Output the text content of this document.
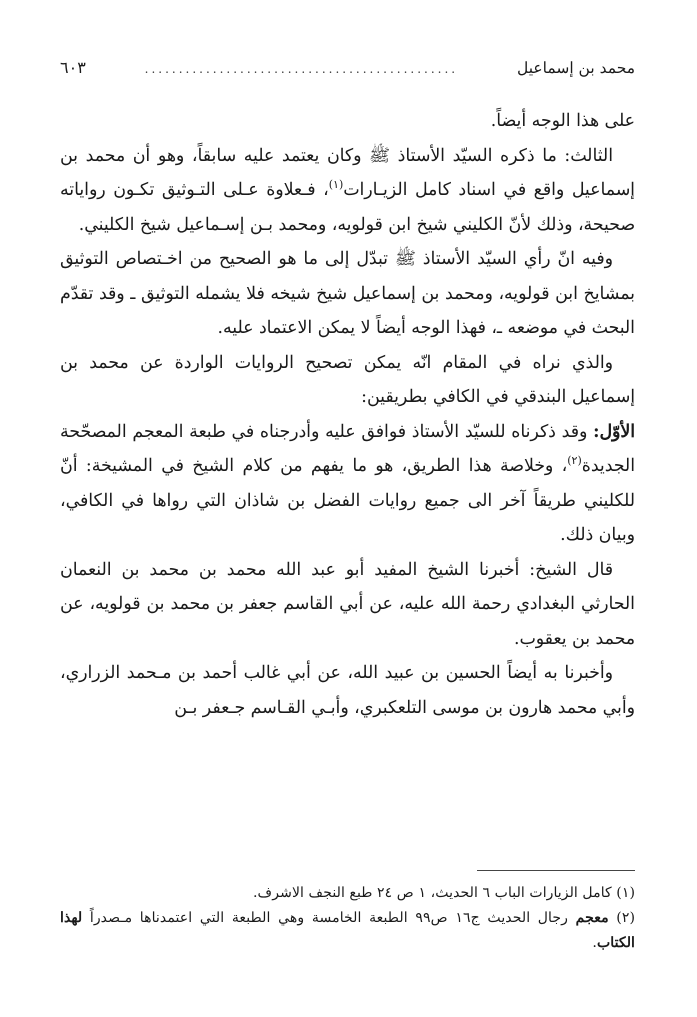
محمد بن إسماعيل
..............................................
٦٠٣

على هذا الوجه أيضاً.

الثالث: ما ذكره السيّد الأستاذ ﷺ وكان يعتمد عليه سابقاً، وهو أن محمد بن إسماعيل واقع في اسناد كامل الزيـارات$^{(١)}$، فـعلاوة عـلى التـوثيق تكـون رواياته صحيحة، وذلك لأنّ الكليني شيخ ابن قولويه، ومحمد بـن إسـماعيل شيخ الكليني.

وفيه انّ رأي السيّد الأستاذ ﷺ تبدّل إلى ما هو الصحيح من اخـتصاص التوثيق بمشايخ ابن قولويه، ومحمد بن إسماعيل شيخ شيخه فلا يشمله التوثيق ـ وقد تقدّم البحث في موضعه ـ، فهذا الوجه أيضاً لا يمكن الاعتماد عليه.

والذي نراه في المقام انّه يمكن تصحيح الروايات الواردة عن محمد بن إسماعيل البندقي في الكافي بطريقين:

الأوّل: وقد ذكرناه للسيّد الأستاذ فوافق عليه وأدرجناه في طبعة المعجم المصحّحة الجديدة$^{(٢)}$، وخلاصة هذا الطريق، هو ما يفهم من كلام الشيخ في المشيخة: أنّ للكليني طريقاً آخر الى جميع روايات الفضل بن شاذان التي رواها في الكافي، وبيان ذلك.

قال الشيخ: أخبرنا الشيخ المفيد أبو عبد الله محمد بن محمد بن النعمان الحارثي البغدادي رحمة الله عليه، عن أبي القاسم جعفر بن محمد بن قولويه، عن محمد بن يعقوب.

وأخبرنا به أيضاً الحسين بن عبيد الله، عن أبي غالب أحمد بن مـحمد الزراري، وأبي محمد هارون بن موسى التلعكبري، وأبـي القـاسم جـعفر بـن

(١) كامل الزيارات الباب ٦ الحديث، ١ ص ٢٤ طبع النجف الاشرف.

(٢) معجم رجال الحديث ج١٦ ص٩٩ الطبعة الخامسة وهي الطبعة التي اعتمدناها مـصدراً لهذا الكتاب.
